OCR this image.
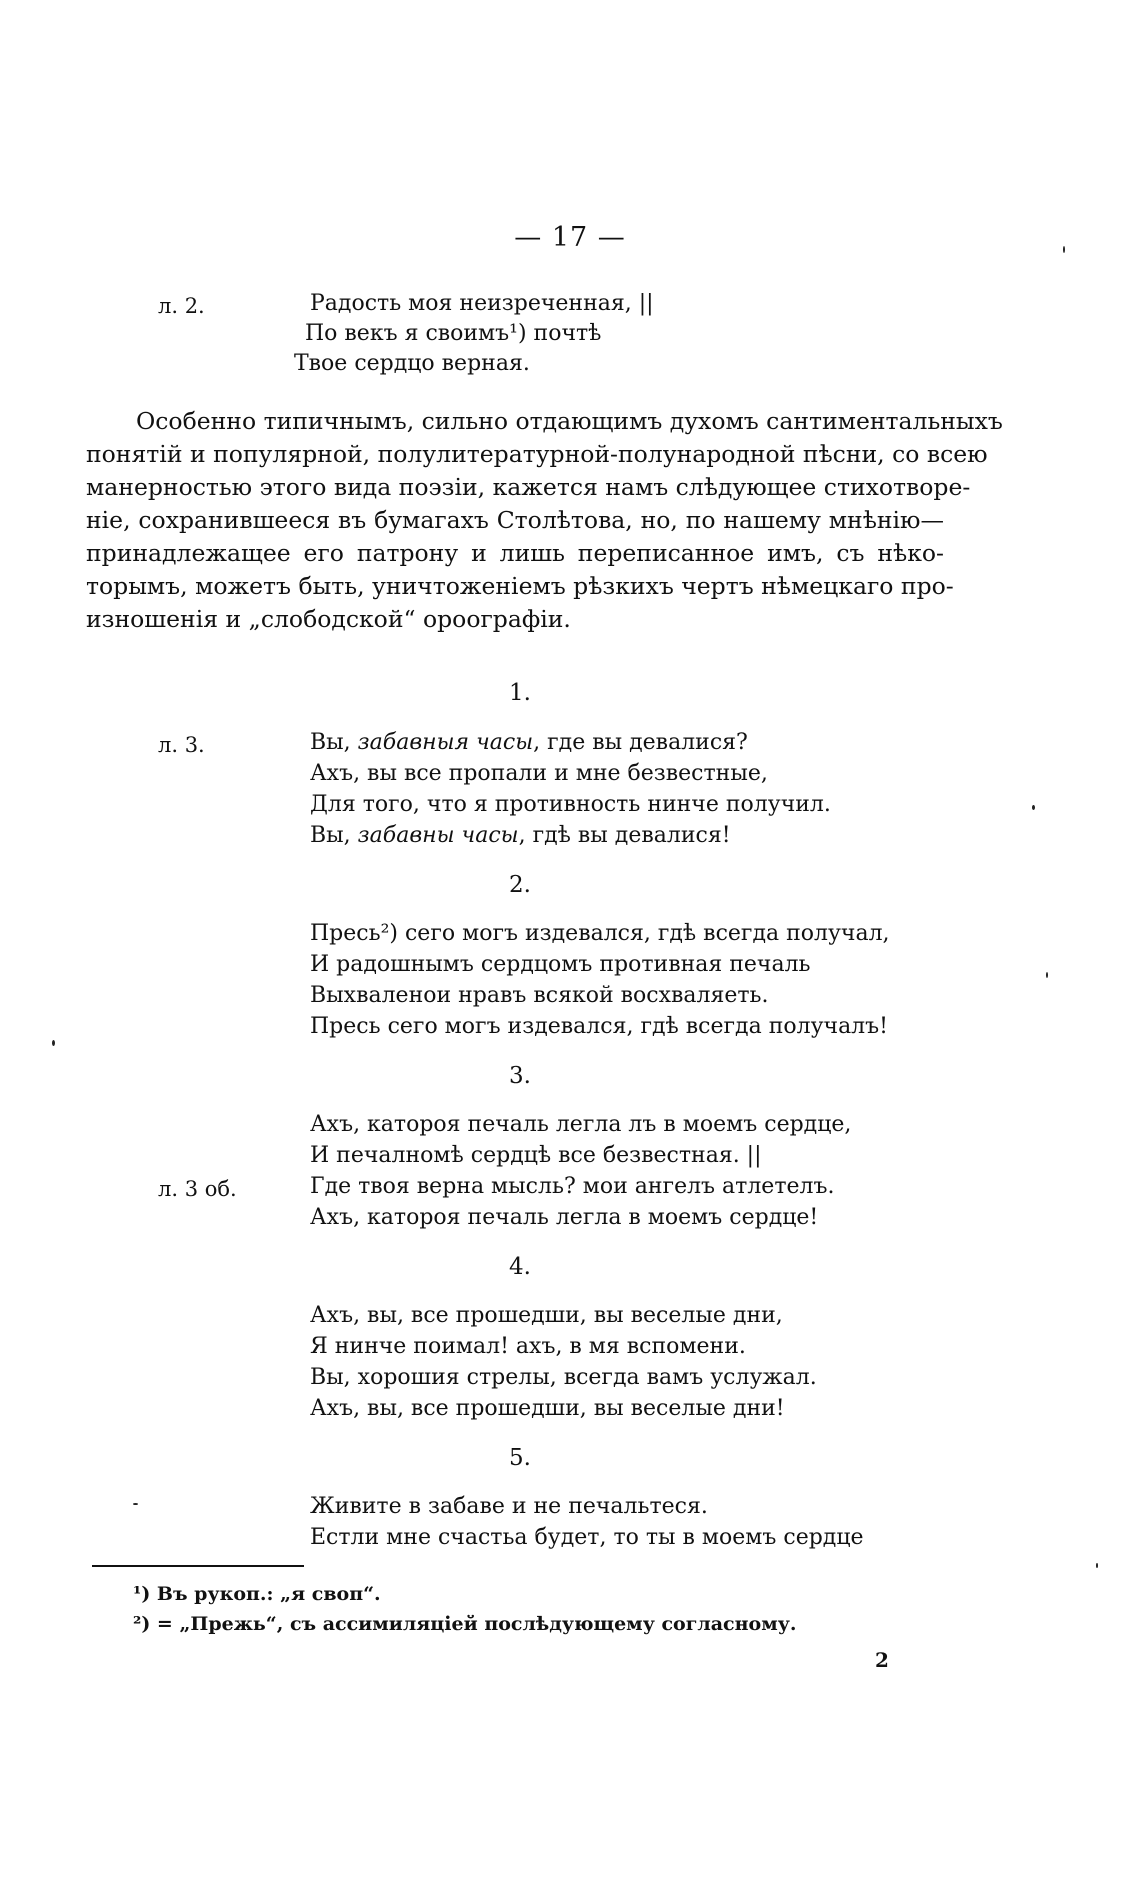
— 17 —
л. 2.	Радость моя неизреченная, ||
По векъ я своимъ¹) почтѣ
Твое сердцо верная.
Особенно типичнымъ, сильно отдающимъ духомъ сантиментальныхъ
понятій и популярной, полулитературной-полународной пѣсни, со всею
манерностью этого вида поэзіи, кажется намъ слѣдующее стихотворе-
ніе, сохранившееся въ бумагахъ Столѣтова, но, по нашему мнѣнію—
принадлежащее его патрону и лишь переписанное имъ, съ нѣко-
торымъ, можетъ быть, уничтоженіемъ рѣзкихъ чертъ нѣмецкаго про-
изношенія и „слободской“ ороографіи.
1.
л. 3.	Вы, забавныя часы, где вы девалися?
Ахъ, вы все пропали и мне безвестные,
Для того, что я противность нинче получил.
Вы, забавны часы, гдѣ вы девалися!
2.
Пресь²) сего могъ издевался, гдѣ всегда получал,
И радошнымъ сердцомъ противная печаль
Выхваленои нравъ всякой восхваляеть.
Пресь сего могъ издевался, гдѣ всегда получалъ!
3.
Ахъ, катороя печаль легла лъ в моемъ сердце,
И печалномѣ сердцѣ все безвестная. ||
л. 3 об.	Где твоя верна мысль? мои ангелъ атлетелъ.
Ахъ, катороя печаль легла в моемъ сердце!
4.
Ахъ, вы, все прошедши, вы веселые дни,
Я нинче поимал! ахъ, в мя вспомени.
Вы, хорошия стрелы, всегда вамъ услужал.
Ахъ, вы, все прошедши, вы веселые дни!
5.
Живите в забаве и не печальтеся.
Естли мне счастьа будет, то ты в моемъ сердце
¹) Въ рукоп.: „я своп“.
²) = „Прежь“, съ ассимиляціей послѣдующему согласному.
2
